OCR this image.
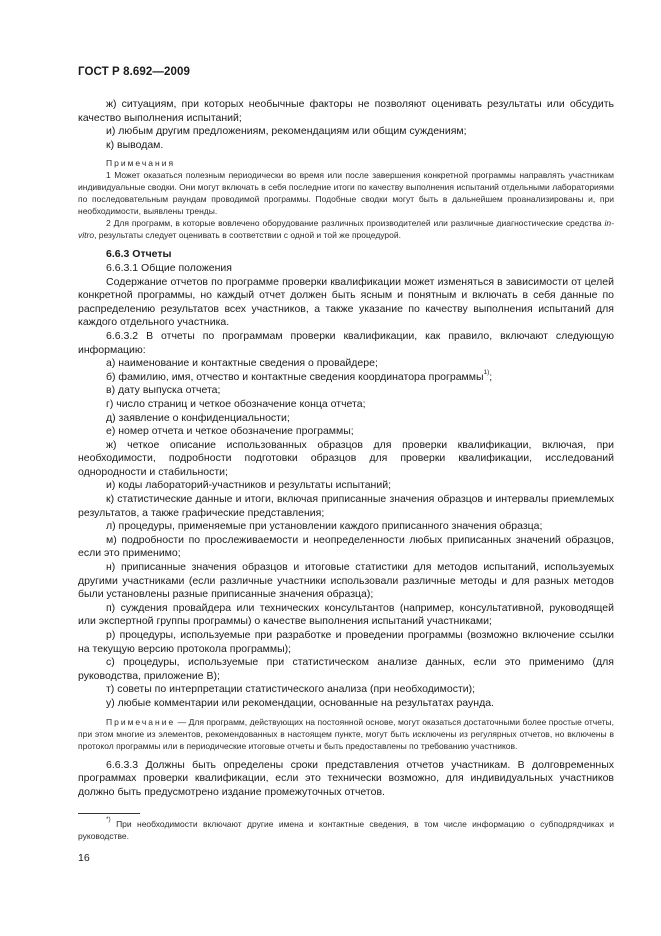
ГОСТ Р 8.692—2009

ж) ситуациям, при которых необычные факторы не позволяют оценивать результаты или обсудить качество выполнения испытаний;

и) любым другим предложениям, рекомендациям или общим суждениям;

к) выводам.

Примечания

1 Может оказаться полезным периодически во время или после завершения конкретной программы направлять участникам индивидуальные сводки. Они могут включать в себя последние итоги по качеству выполнения испытаний отдельными лабораториями по последовательным раундам проводимой программы. Подобные сводки могут быть в дальнейшем проанализированы и, при необходимости, выявлены тренды.

2 Для программ, в которые вовлечено оборудование различных производителей или различные диагностические средства in-vitro, результаты следует оценивать в соответствии с одной и той же процедурой.

6.6.3 Отчеты

6.6.3.1 Общие положения

Содержание отчетов по программе проверки квалификации может изменяться в зависимости от целей конкретной программы, но каждый отчет должен быть ясным и понятным и включать в себя данные по распределению результатов всех участников, а также указание по качеству выполнения испытаний для каждого отдельного участника.

6.6.3.2 В отчеты по программам проверки квалификации, как правило, включают следующую информацию:

а) наименование и контактные сведения о провайдере;

б) фамилию, имя, отчество и контактные сведения координатора программы$^{1)}$;

в) дату выпуска отчета;

г) число страниц и четкое обозначение конца отчета;

д) заявление о конфиденциальности;

е) номер отчета и четкое обозначение программы;

ж) четкое описание использованных образцов для проверки квалификации, включая, при необходимости, подробности подготовки образцов для проверки квалификации, исследований однородности и стабильности;

и) коды лабораторий-участников и результаты испытаний;

к) статистические данные и итоги, включая приписанные значения образцов и интервалы приемлемых результатов, а также графические представления;

л) процедуры, применяемые при установлении каждого приписанного значения образца;

м) подробности по прослеживаемости и неопределенности любых приписанных значений образцов, если это применимо;

н) приписанные значения образцов и итоговые статистики для методов испытаний, используемых другими участниками (если различные участники использовали различные методы и для разных методов были установлены разные приписанные значения образца);

п) суждения провайдера или технических консультантов (например, консультативной, руководящей или экспертной группы программы) о качестве выполнения испытаний участниками;

р) процедуры, используемые при разработке и проведении программы (возможно включение ссылки на текущую версию протокола программы);

с) процедуры, используемые при статистическом анализе данных, если это применимо (для руководства, приложение В);

т) советы по интерпретации статистического анализа (при необходимости);

у) любые комментарии или рекомендации, основанные на результатах раунда.

Примечание — Для программ, действующих на постоянной основе, могут оказаться достаточными более простые отчеты, при этом многие из элементов, рекомендованных в настоящем пункте, могут быть исключены из регулярных отчетов, но включены в протокол программы или в периодические итоговые отчеты и быть предоставлены по требованию участников.

6.6.3.3 Должны быть определены сроки представления отчетов участникам. В долговременных программах проверки квалификации, если это технически возможно, для индивидуальных участников должно быть предусмотрено издание промежуточных отчетов.

*) При необходимости включают другие имена и контактные сведения, в том числе информацию о субподрядчиках и руководстве.

16
